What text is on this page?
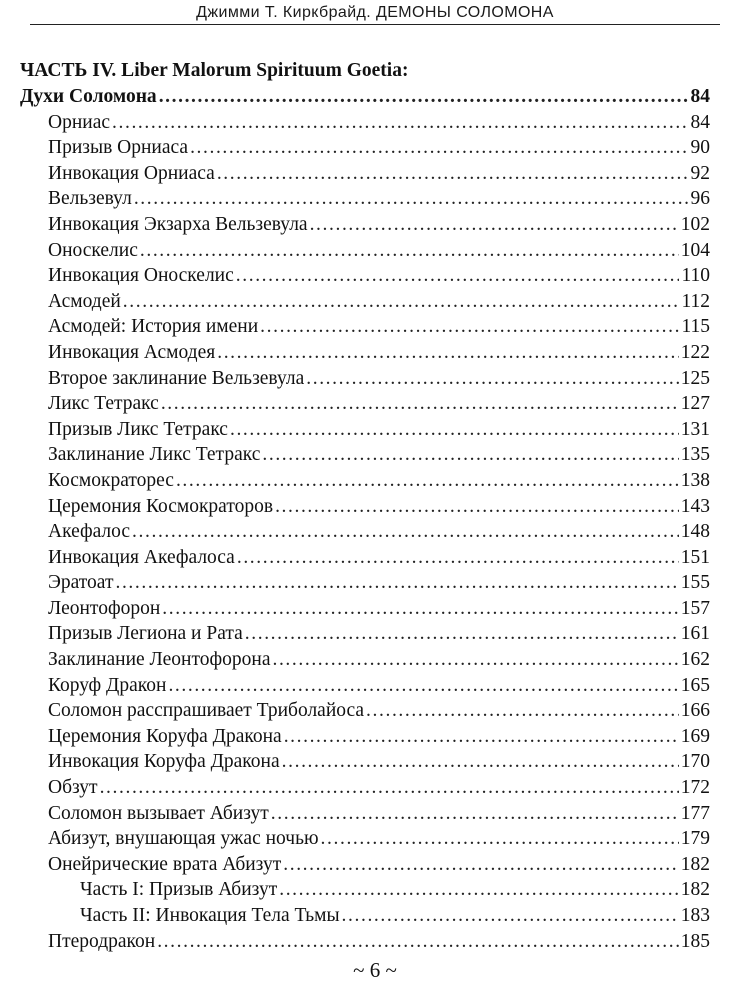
Джимми Т. Киркбрайд. ДЕМОНЫ СОЛОМОНА
ЧАСТЬ IV. Liber Malorum Spirituum Goetia:
Духи Соломона .....	84
Орниас .....	84
Призыв Орниаса .....	90
Инвокация Орниаса .....	92
Вельзевул .....	96
Инвокация Экзарха Вельзевула .....	102
Оноскелис .....	104
Инвокация Оноскелис .....	110
Асмодей .....	112
Асмодей: История имени .....	115
Инвокация Асмодея .....	122
Второе заклинание Вельзевула .....	125
Ликс Тетракс .....	127
Призыв Ликс Тетракс .....	131
Заклинание Ликс Тетракс .....	135
Космократорес .....	138
Церемония Космократоров .....	143
Акефалос .....	148
Инвокация Акефалоса .....	151
Эратоат .....	155
Леонтофорон .....	157
Призыв Легиона и Рата .....	161
Заклинание Леонтофорона .....	162
Коруф Дракон .....	165
Соломон расспрашивает Триболайоса .....	166
Церемония Коруфа Дракона .....	169
Инвокация Коруфа Дракона .....	170
Обзут .....	172
Соломон вызывает Абизут .....	177
Абизут, внушающая ужас ночью .....	179
Онейрические врата Абизут .....	182
Часть I: Призыв Абизут .....	182
Часть II: Инвокация Тела Тьмы .....	183
Птеродракон .....	185
~ 6 ~
